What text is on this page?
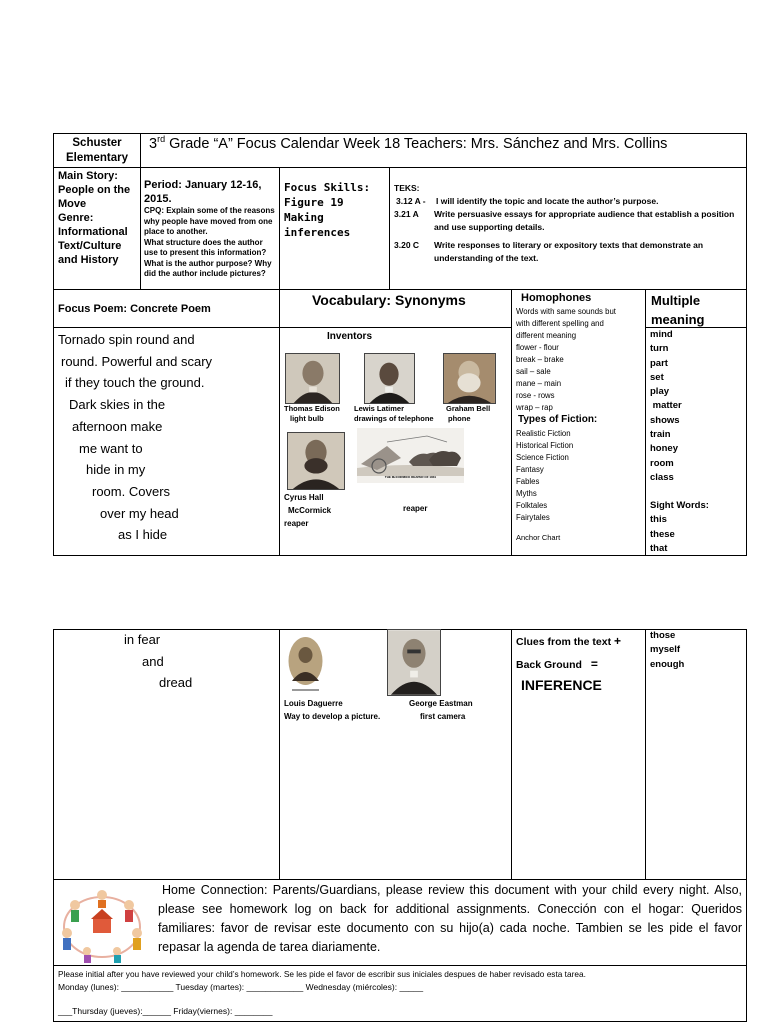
Schuster Elementary
3rd Grade “A” Focus Calendar Week 18 Teachers: Mrs. Sánchez and Mrs. Collins
Main Story:
People on the
Move
Genre:
Informational
Text/Culture
and History
Period: January 12-16, 2015.
CPQ: Explain some of the reasons why people have moved from one place to another.
What structure does the author use to present this information?
What is the author purpose? Why did the author include pictures?
Focus Skills:
Figure 19
Making
inferences
TEKS:
3.12 A -	I will identify the topic and locate the author’s purpose.
3.21 A	Write persuasive essays for appropriate audience that establish a position and use supporting details.
3.20 C	Write responses to literary or expository texts that demonstrate an understanding of the text.
Focus Poem: Concrete Poem
Vocabulary: Synonyms	Homophones	Multiple
meaning
Tornado spin round and
round. Powerful and scary
if they touch the ground.
Dark skies in the
afternoon make
me want to
hide in my
room. Covers
over my head
as I hide
Inventors
Thomas Edison
light bulb
Lewis Latimer
drawings of telephone
Graham Bell
phone
THE McCORMICK REAPER OF 1831
Cyrus Hall
McCormick
reaper
reaper
Words with same sounds but
with different spelling and
different meaning
flower - flour
break – brake
sail – sale
mane – main
rose - rows
wrap – rap
Types of Fiction:
Realistic Fiction
Historical Fiction
Science Fiction
Fantasy
Fables
Myths
Folktales
Fairytales
Anchor Chart
mind
turn
part
set
play
matter
shows
train
honey
room
class
Sight Words:
this
these
that
in fear
and
dread
Louis Daguerre
Way to develop a picture.
George Eastman
first camera
Clues from the text +
Back Ground =
INFERENCE
those
myself
enough
Home Connection: Parents/Guardians, please review this document with your child every night. Also, please see homework log on back for additional assignments. Conección con el hogar: Queridos familiares: favor de revisar este documento con su hijo(a) cada noche. Tambien se les pide el favor repasar la agenda de tarea diariamente.
Please initial after you have reviewed your child’s homework. Se les pide el favor de escribir sus iniciales despues de haber revisado esta tarea.
Monday (lunes): ___________ Tuesday (martes): ____________ Wednesday (miércoles): _____
___Thursday (jueves):______ Friday(viernes): ________
